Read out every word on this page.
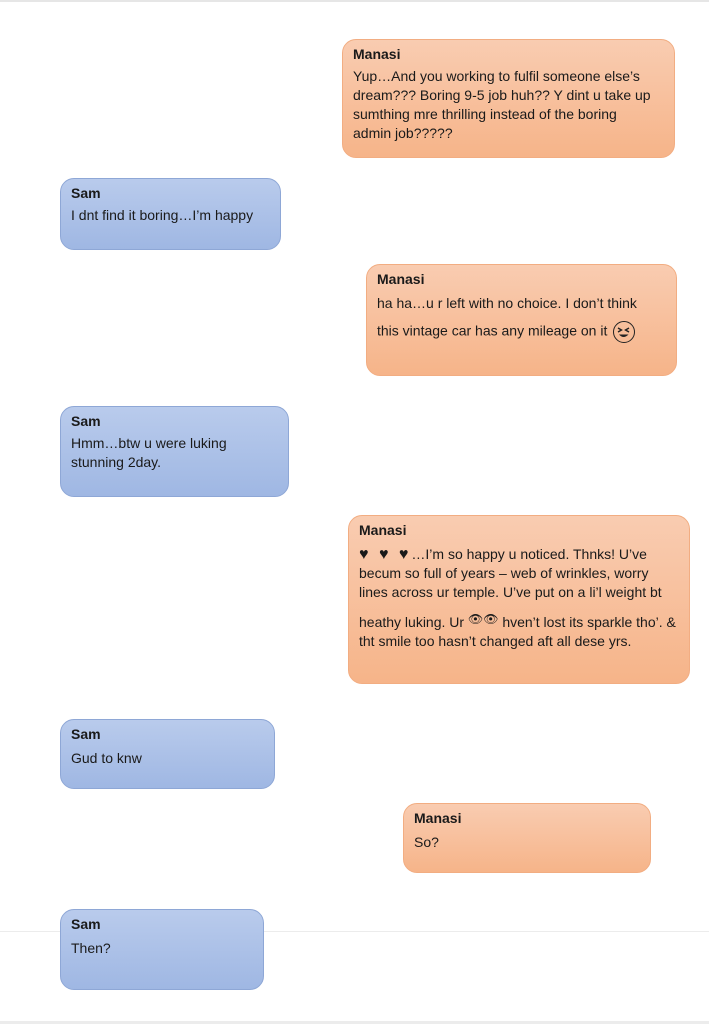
Manasi

Yup…And you working to fulfil someone else’s

dream??? Boring 9-5 job huh?? Y dint u take up

sumthing mre thrilling instead of the boring

admin job?????

Sam

I dnt find it boring…I’m happy

Manasi

ha ha…u r left with no choice. I don’t think

this vintage car has any mileage on it

Sam

Hmm…btw u were luking

stunning 2day.

Manasi

♥ ♥ ♥…I’m so happy u noticed. Thnks! U’ve

becum so full of years – web of wrinkles, worry

lines across ur temple. U’ve put on a li’l weight bt

heathy luking. Ur 👁👁 hven’t lost its sparkle tho’. &

tht smile too hasn’t changed aft all dese yrs.

Sam

Gud to knw

Manasi

So?

Sam

Then?
